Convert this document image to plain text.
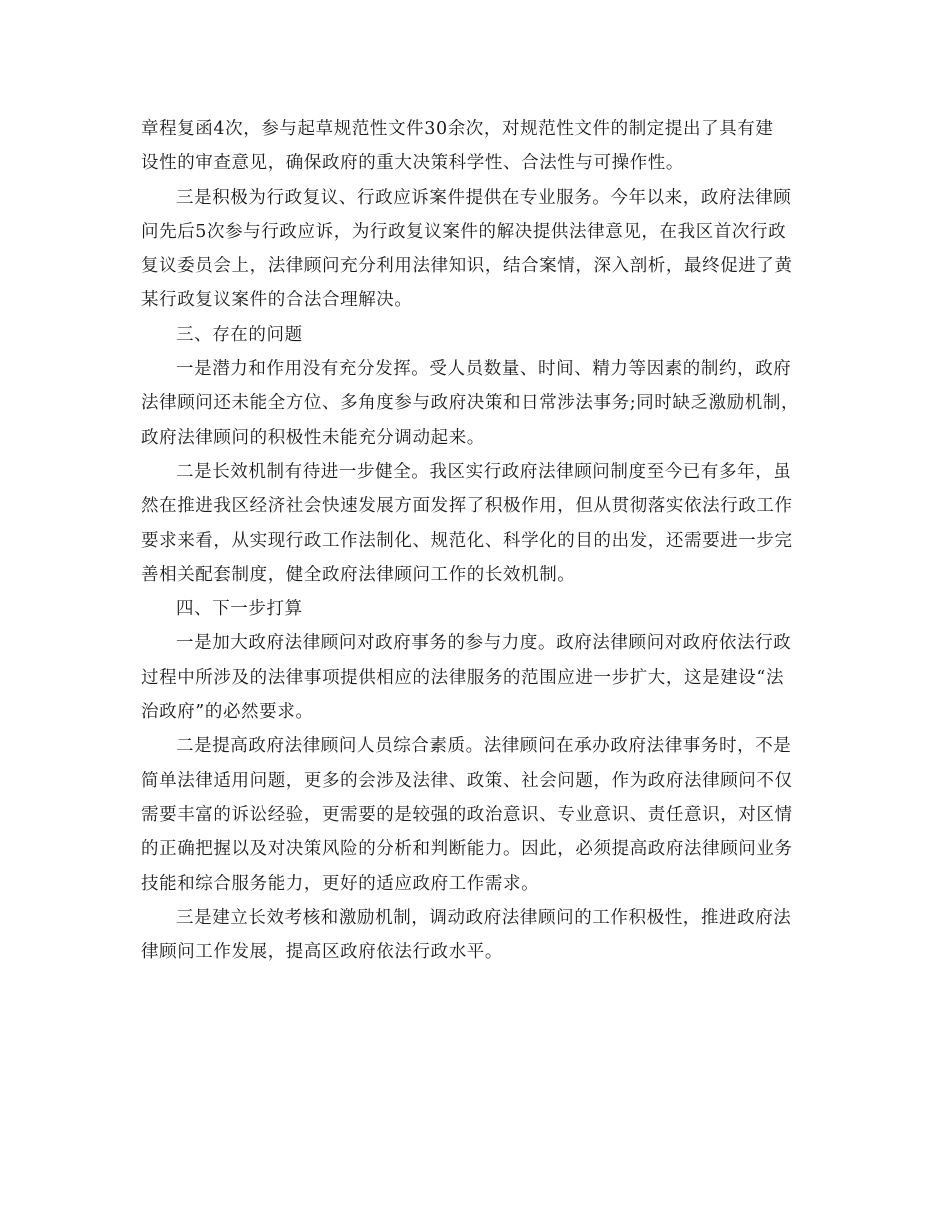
章程复函4次，参与起草规范性文件30余次，对规范性文件的制定提出了具有建
设性的审查意见，确保政府的重大决策科学性、合法性与可操作性。
三是积极为行政复议、行政应诉案件提供在专业服务。今年以来，政府法律顾
问先后5次参与行政应诉，为行政复议案件的解决提供法律意见，在我区首次行政
复议委员会上，法律顾问充分利用法律知识，结合案情，深入剖析，最终促进了黄
某行政复议案件的合法合理解决。
三、存在的问题
一是潜力和作用没有充分发挥。受人员数量、时间、精力等因素的制约，政府
法律顾问还未能全方位、多角度参与政府决策和日常涉法事务;同时缺乏激励机制，
政府法律顾问的积极性未能充分调动起来。
二是长效机制有待进一步健全。我区实行政府法律顾问制度至今已有多年，虽
然在推进我区经济社会快速发展方面发挥了积极作用，但从贯彻落实依法行政工作
要求来看，从实现行政工作法制化、规范化、科学化的目的出发，还需要进一步完
善相关配套制度，健全政府法律顾问工作的长效机制。
四、下一步打算
一是加大政府法律顾问对政府事务的参与力度。政府法律顾问对政府依法行政
过程中所涉及的法律事项提供相应的法律服务的范围应进一步扩大，这是建设“法
治政府”的必然要求。
二是提高政府法律顾问人员综合素质。法律顾问在承办政府法律事务时，不是
简单法律适用问题，更多的会涉及法律、政策、社会问题，作为政府法律顾问不仅
需要丰富的诉讼经验，更需要的是较强的政治意识、专业意识、责任意识，对区情
的正确把握以及对决策风险的分析和判断能力。因此，必须提高政府法律顾问业务
技能和综合服务能力，更好的适应政府工作需求。
三是建立长效考核和激励机制，调动政府法律顾问的工作积极性，推进政府法
律顾问工作发展，提高区政府依法行政水平。
